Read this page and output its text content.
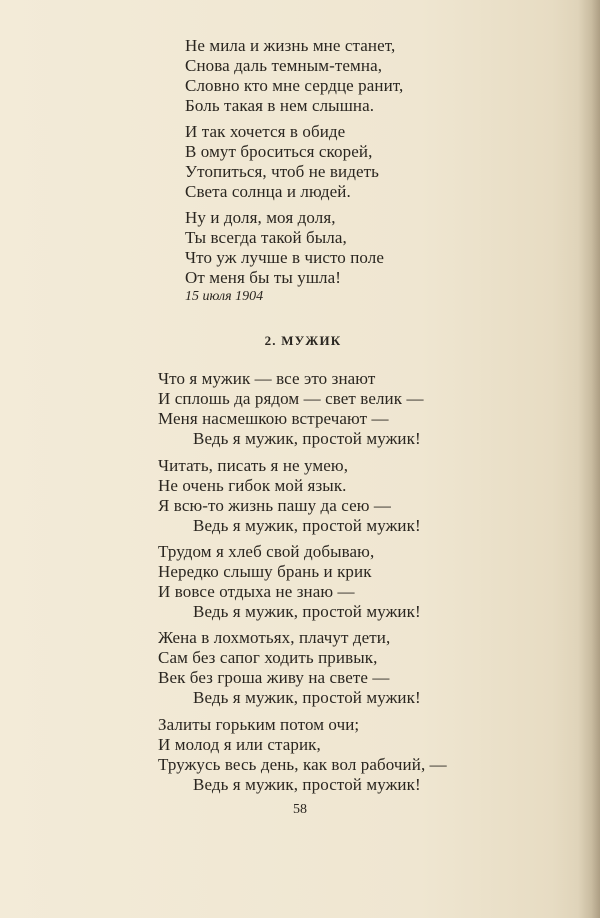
Не мила и жизнь мне станет,
Снова даль темным-темна,
Словно кто мне сердце ранит,
Боль такая в нем слышна.
И так хочется в обиде
В омут броситься скорей,
Утопиться, чтоб не видеть
Света солнца и людей.
Ну и доля, моя доля,
Ты всегда такой была,
Что уж лучше в чисто поле
От меня бы ты ушла!
15 июля 1904
2. МУЖИК
Что я мужик — все это знают
И сплошь да рядом — свет велик —
Меня насмешкою встречают —
Ведь я мужик, простой мужик!
Читать, писать я не умею,
Не очень гибок мой язык.
Я всю-то жизнь пашу да сею —
Ведь я мужик, простой мужик!
Трудом я хлеб свой добываю,
Нередко слышу брань и крик
И вовсе отдыха не знаю —
Ведь я мужик, простой мужик!
Жена в лохмотьях, плачут дети,
Сам без сапог ходить привык,
Век без гроша живу на свете —
Ведь я мужик, простой мужик!
Залиты горьким потом очи;
И молод я или старик,
Тружусь весь день, как вол рабочий, —
Ведь я мужик, простой мужик!
58
